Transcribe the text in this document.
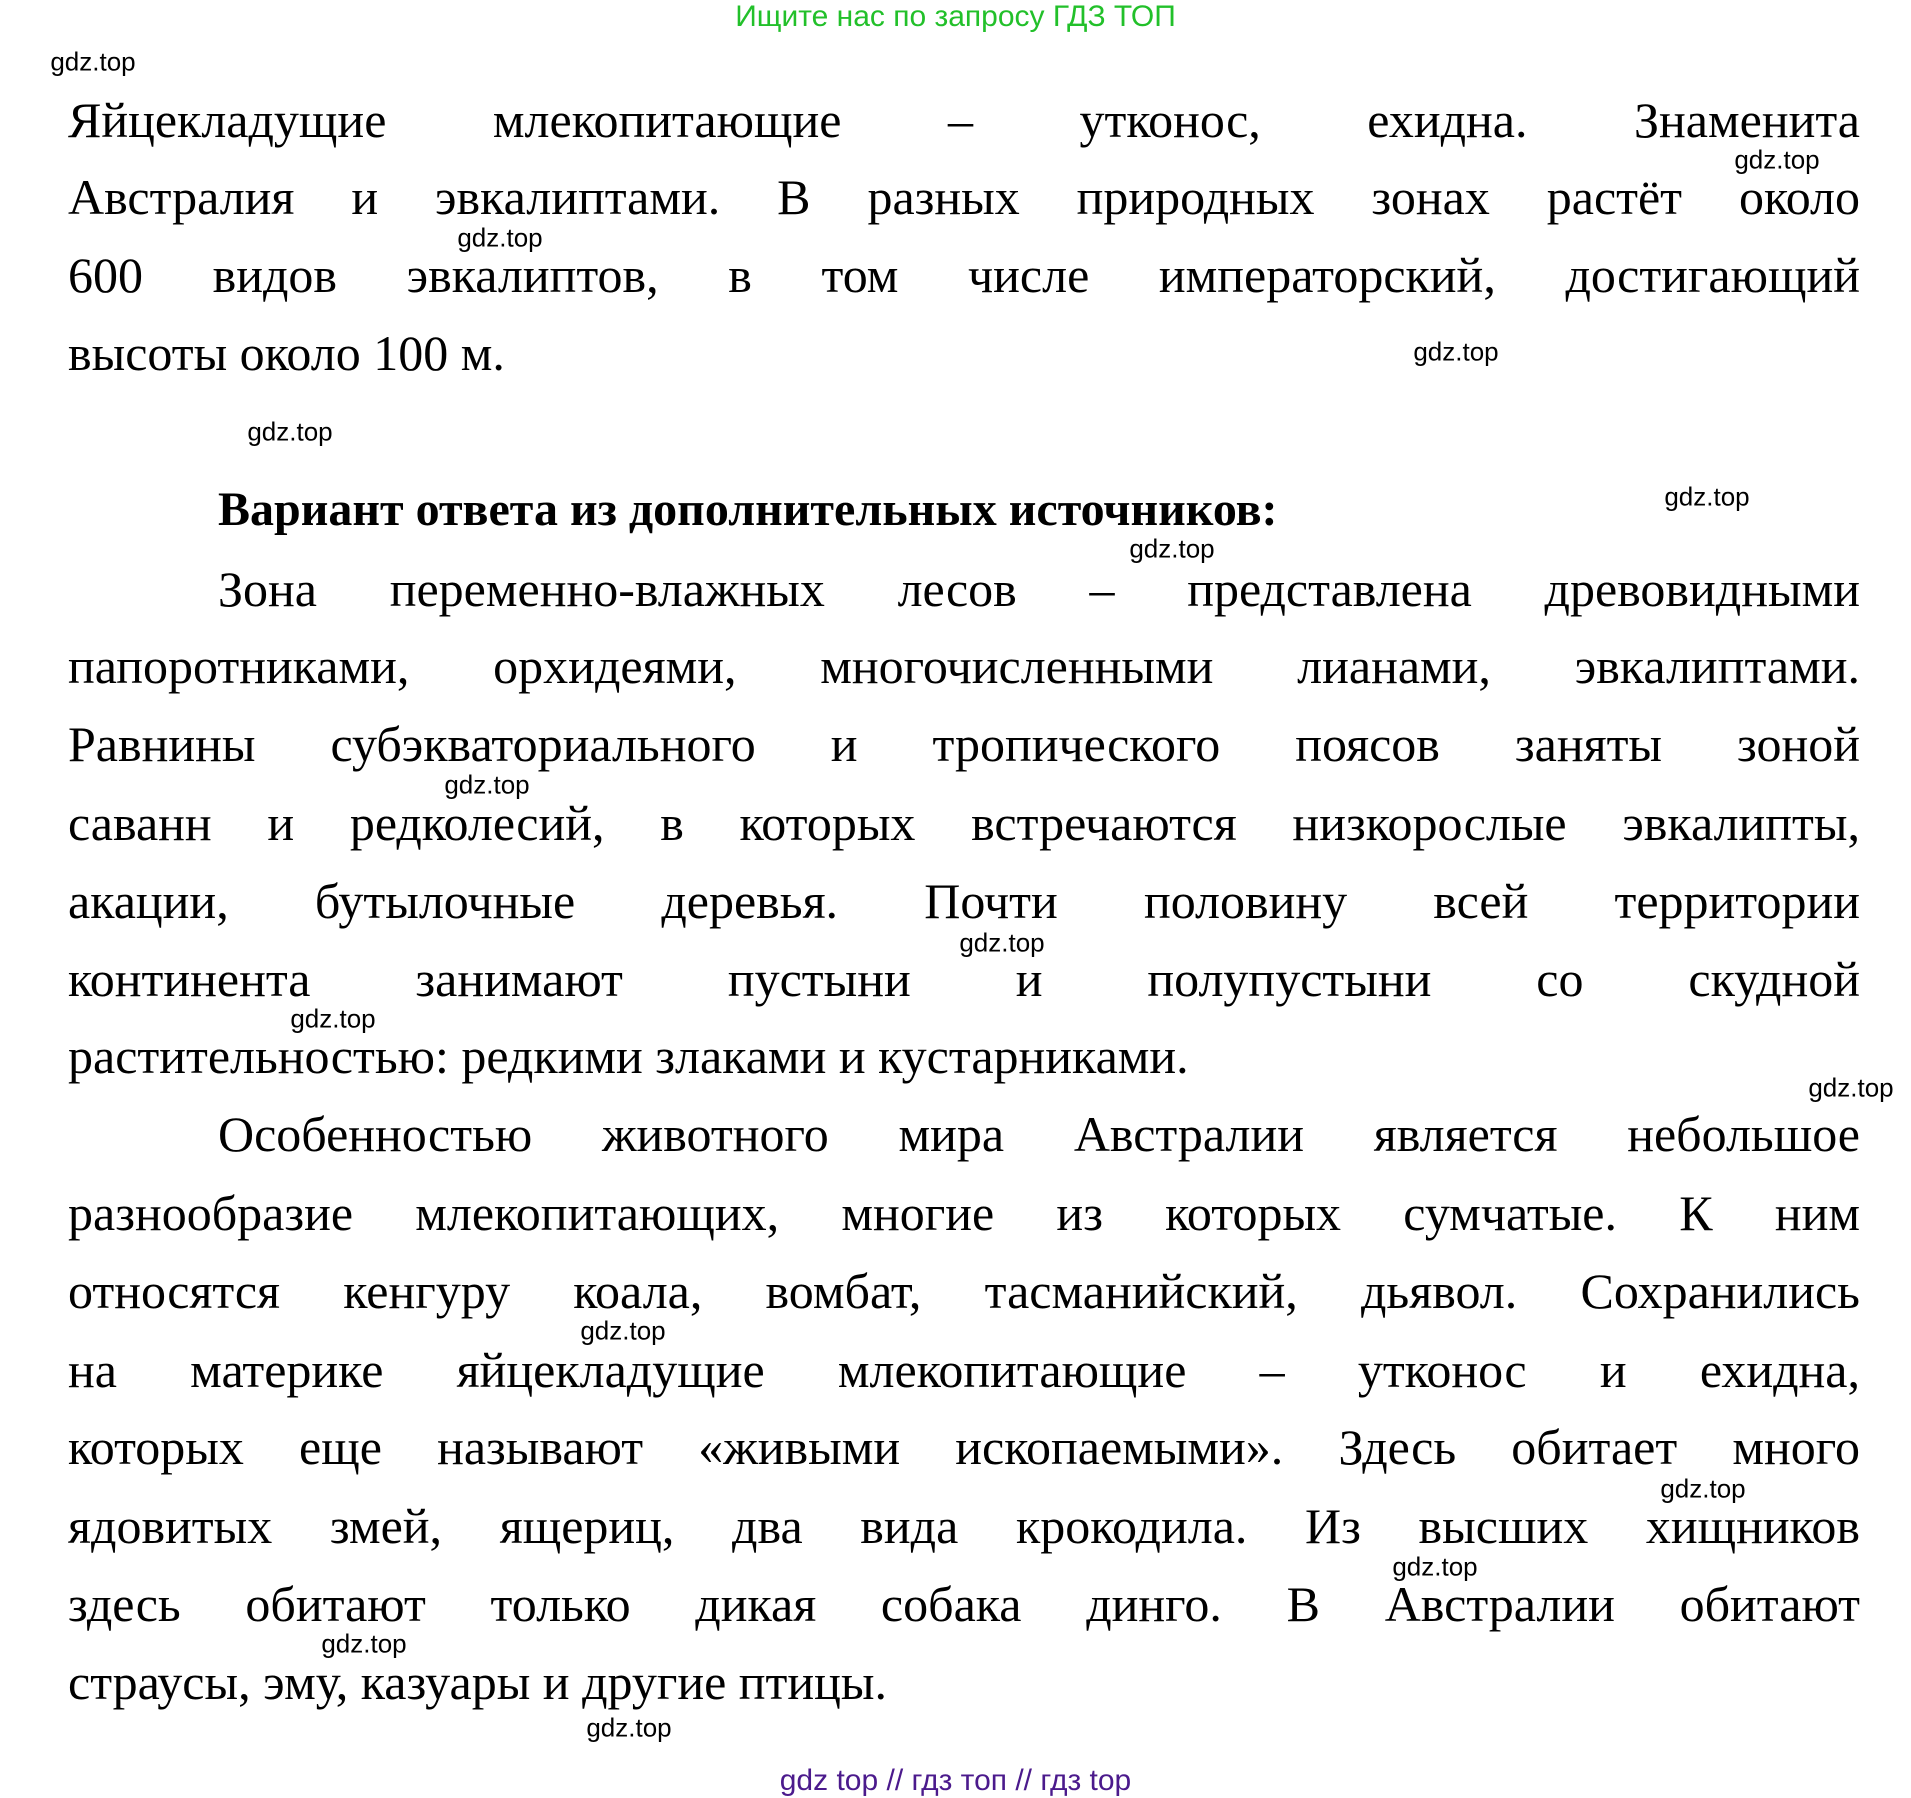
Ищите нас по запросу ГДЗ ТОП
Вариант ответа из дополнительных источников:
Яйцекладущие млекопитающие – утконос, ехидна. Знаменита
Австралия и эвкалиптами. В разных природных зонах растёт около
600 видов эвкалиптов, в том числе императорский, достигающий
высоты около 100 м.
Зона переменно-влажных лесов – представлена древовидными
папоротниками, орхидеями, многочисленными лианами, эвкалиптами.
Равнины субэкваториального и тропического поясов заняты зоной
саванн и редколесий, в которых встречаются низкорослые эвкалипты,
акации, бутылочные деревья. Почти половину всей территории
континента занимают пустыни и полупустыни со скудной
растительностью: редкими злаками и кустарниками.
Особенностью животного мира Австралии является небольшое
разнообразие млекопитающих, многие из которых сумчатые. К ним
относятся кенгуру коала, вомбат, тасманийский, дьявол. Сохранились
на материке яйцекладущие млекопитающие – утконос и ехидна,
которых еще называют «живыми ископаемыми». Здесь обитает много
ядовитых змей, ящериц, два вида крокодила. Из высших хищников
здесь обитают только дикая собака динго. В Австралии обитают
страусы, эму, казуары и другие птицы.
gdz top // гдз топ // гдз top
gdz.top
gdz.top
gdz.top
gdz.top
gdz.top
gdz.top
gdz.top
gdz.top
gdz.top
gdz.top
gdz.top
gdz.top
gdz.top
gdz.top
gdz.top
gdz.top
